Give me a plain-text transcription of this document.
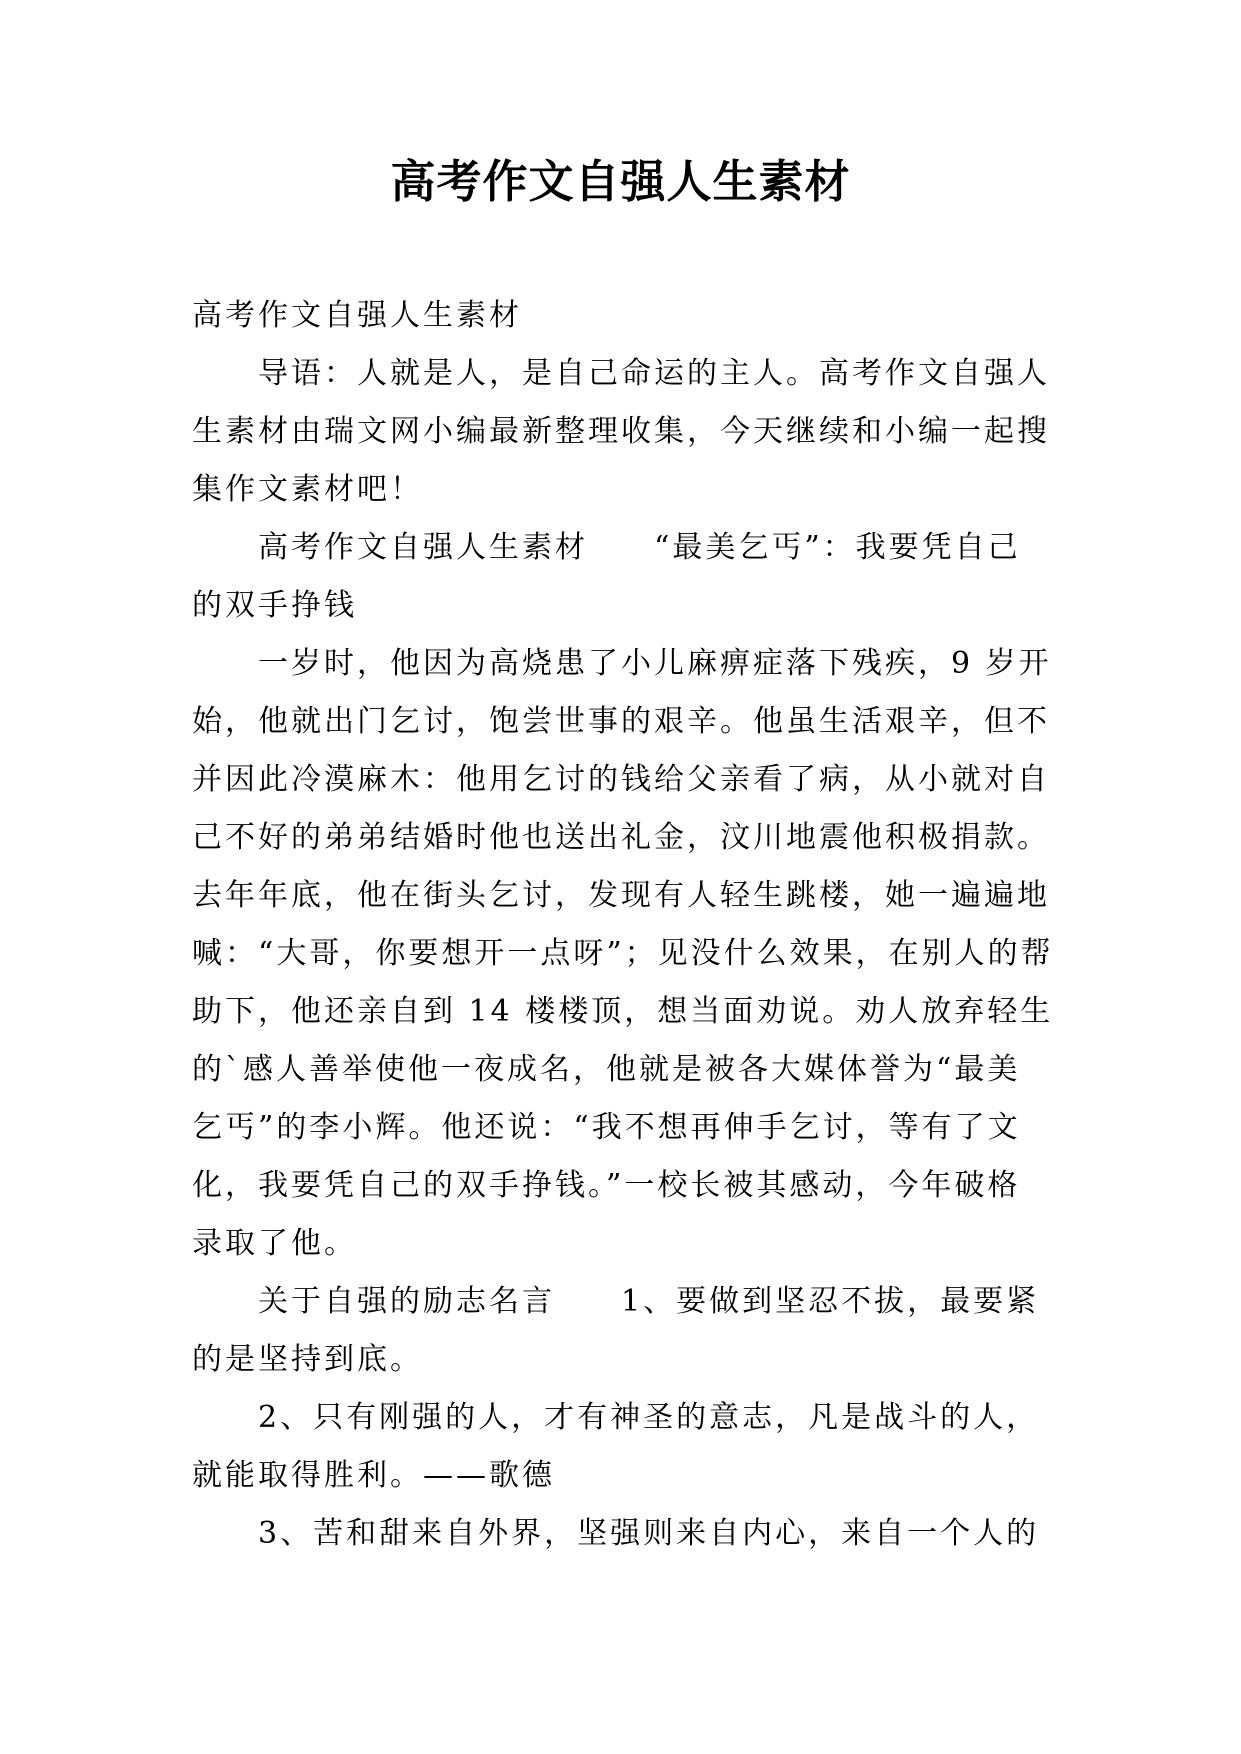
高考作文自强人生素材
高考作文自强人生素材
导语：人就是人，是自己命运的主人。高考作文自强人
生素材由瑞文网小编最新整理收集，今天继续和小编一起搜
集作文素材吧！
高考作文自强人生素材　　“最美乞丐”：我要凭自己
的双手挣钱
一岁时，他因为高烧患了小儿麻痹症落下残疾，9 岁开
始，他就出门乞讨，饱尝世事的艰辛。他虽生活艰辛，但不
并因此冷漠麻木：他用乞讨的钱给父亲看了病，从小就对自
己不好的弟弟结婚时他也送出礼金，汶川地震他积极捐款。
去年年底，他在街头乞讨，发现有人轻生跳楼，她一遍遍地
喊：“大哥，你要想开一点呀”；见没什么效果，在别人的帮
助下，他还亲自到 14 楼楼顶，想当面劝说。劝人放弃轻生
的`感人善举使他一夜成名，他就是被各大媒体誉为“最美
乞丐”的李小辉。他还说：“我不想再伸手乞讨，等有了文
化，我要凭自己的双手挣钱。”一校长被其感动，今年破格
录取了他。
关于自强的励志名言　　1、要做到坚忍不拔，最要紧
的是坚持到底。
2、只有刚强的人，才有神圣的意志，凡是战斗的人，
就能取得胜利。——歌德
3、苦和甜来自外界，坚强则来自内心，来自一个人的
